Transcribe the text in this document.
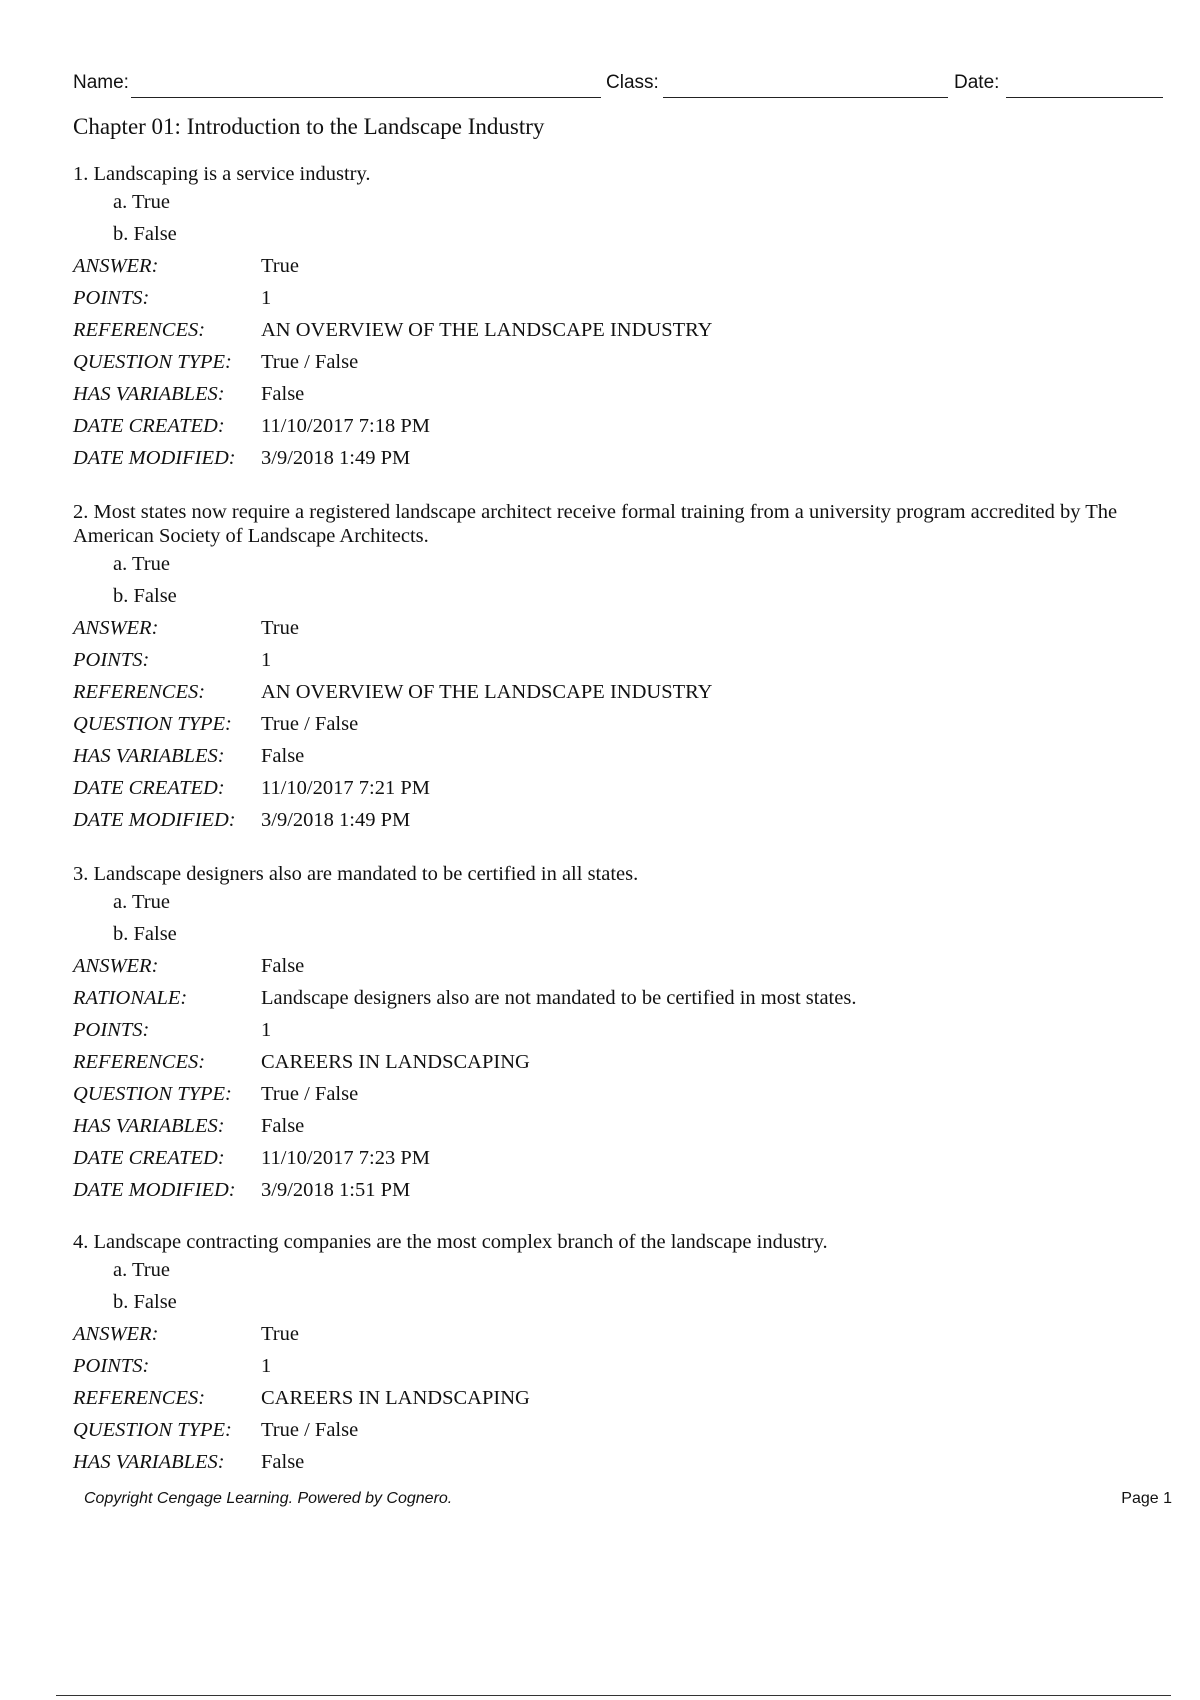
Name:	Class:	Date:
Chapter 01: Introduction to the Landscape Industry

1. Landscaping is a service industry.

a. True
b. False
ANSWER:	True
POINTS:	1
REFERENCES:	AN OVERVIEW OF THE LANDSCAPE INDUSTRY
QUESTION TYPE: True / False
HAS VARIABLES: False
DATE CREATED: 11/10/2017 7:18 PM
DATE MODIFIED: 3/9/2018 1:49 PM

2. Most states now require a registered landscape architect receive formal training from a university program accredited by The American Society of Landscape Architects.

a. True
b. False
ANSWER:	True
POINTS:	1
REFERENCES:	AN OVERVIEW OF THE LANDSCAPE INDUSTRY
QUESTION TYPE: True / False
HAS VARIABLES: False
DATE CREATED: 11/10/2017 7:21 PM
DATE MODIFIED: 3/9/2018 1:49 PM

3. Landscape designers also are mandated to be certified in all states.

a. True
b. False
ANSWER:	False
RATIONALE:	Landscape designers also are not mandated to be certified in most states.
POINTS:	1
REFERENCES:	CAREERS IN LANDSCAPING
QUESTION TYPE: True / False
HAS VARIABLES: False
DATE CREATED: 11/10/2017 7:23 PM
DATE MODIFIED: 3/9/2018 1:51 PM

4. Landscape contracting companies are the most complex branch of the landscape industry.

a. True
b. False
ANSWER:	True
POINTS:	1
REFERENCES:	CAREERS IN LANDSCAPING
QUESTION TYPE: True / False
HAS VARIABLES: False
Copyright Cengage Learning. Powered by Cognero.	Page 1
